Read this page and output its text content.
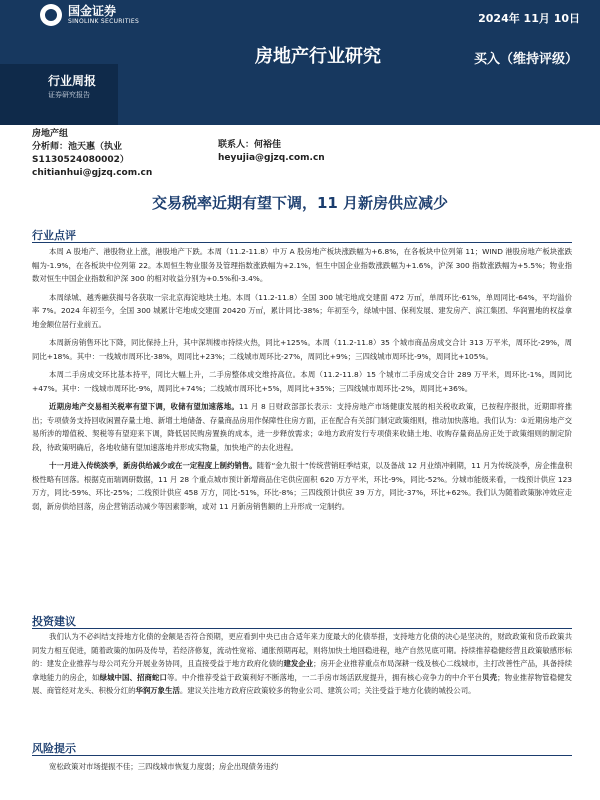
国金证券
SINOLINK SECURITIES	2024年 11月 10日
房地产行业研究	买入（维持评级）
行业周报
证券研究报告
房地产组
分析师：池天惠（执业
S1130524080002）
chitianhui@gjzq.com.cn
联系人：何裕佳
heyujia@gjzq.com.cn
交易税率近期有望下调，11 月新房供应减少
行业点评

本周 A 股地产、港股物业上涨，港股地产下跌。本周（11.2-11.8）中万 A 股房地产板块涨跌幅为+6.8%，在各板块中位列第 11；WIND 港股房地产板块涨跌幅为-1.9%，在各板块中位列第 22。本周恒生物业服务及管理指数涨跌幅为+2.1%，恒生中国企业指数涨跌幅为+1.6%，沪深 300 指数涨跌幅为+5.5%；物业指数对恒生中国企业指数和沪深 300 的相对收益分别为+0.5%和-3.4%。

本周绿城、越秀融获揭号各获取一宗北京海淀地块土地。本周（11.2-11.8）全国 300 城宅地成交建面 472 万㎡，单周环比-61%，单周同比-64%，平均溢价率 7%。2024 年初至今，全国 300 城累计宅地成交建面 20420 万㎡，累计同比-38%；年初至今，绿城中国、保利发展、建发房产、滨江集团、华润置地的权益拿地金额位居行业前五。

本周新房销售环比下降，同比保持上升，其中深圳楼市持续火热，同比+125%。本周（11.2-11.8）35 个城市商品房成交合计 313 万平米，周环比-29%，周同比+18%。其中：一线城市周环比-38%，周同比+23%；二线城市周环比-27%，周同比+9%；三四线城市周环比-9%，周同比+105%。

本周二手房成交环比基本持平，同比大幅上升，二手房整体成交维持高位。本周（11.2-11.8）15 个城市二手房成交合计 289 万平米，周环比-1%，周同比+47%。其中：一线城市周环比-9%，周同比+74%；二线城市周环比+5%，周同比+35%；三四线城市周环比-2%，周同比+36%。

近期房地产交易相关税率有望下调，收储有望加速落地。11 月 8 日财政部部长表示：支持房地产市场健康发展的相关税收政策，已按程序报批，近期即将推出；专项债务支持回收闲置存量土地、新增土地储备、存量商品房用作保障性住房方面，正在配合有关部门制定政策细则，推动加快落地。我们认为：①近期房地产交易所涉的增值税、契税等有望迎来下调，降低居民购房置换的成本，进一步释放需求；②地方政府发行专项债来收储土地、收购存量商品房正处于政策细则的制定阶段，待政策明确后，各地收储有望加速落地并形成实物量，加快地产的去化进程。

十一月进入传统淡季，新房供给减少或在一定程度上制约销售。随着“金九银十”传统营销旺季结束，以及备战 12 月业绩冲刺期，11 月为传统淡季，房企推盘积极性略有回落。根据克而瑞调研数据，11 月 28 个重点城市预计新增商品住宅供应面积 620 万方平米，环比-9%，同比-52%。分城市能级来看，一线预计供应 123 万方，同比-59%、环比-25%；二线预计供应 458 万方，同比-51%，环比-8%；三四线预计供应 39 万方，同比-37%，环比+62%。我们认为随着政策脉冲效应走弱，新房供给回落，房企营销活动减少等因素影响，或对 11 月新房销售额的上升形成一定制约。

投资建议

我们认为不必纠结支持地方化债的金额是否符合预期，更应看到中央已由合适年来力度最大的化债举措，支持地方化债的决心是坚决的，财政政策和货币政策共同发力相互促进，随着政策的加码及传导，若经济修复，流动性宽裕、通胀预期再起，则将加快土地回稳进程，地产自然见底可期。持续推荐稳健经营且政策敏感形标的：建发企业推荐与母公司充分开展业务协同，且直接受益于地方政府化债的建发企业；房开企业推荐重点布局深耕一线及核心二线城市，主打改善性产品，具备持续拿地能力的房企，如绿城中国、招商蛇口等。中介推荐受益于政策利好不断落地，一二手房市场活跃度提升，拥有核心竞争力的中介平台贝壳；物业推荐物管稳健发展、商管经对龙头、积极分红的华润万象生活。建议关注地方政府应政策较多的物业公司、建筑公司；关注受益于地方化债的城投公司。

风险提示
宽松政策对市场提振不佳；三四线城市恢复力度弱；房企出现债务违约
